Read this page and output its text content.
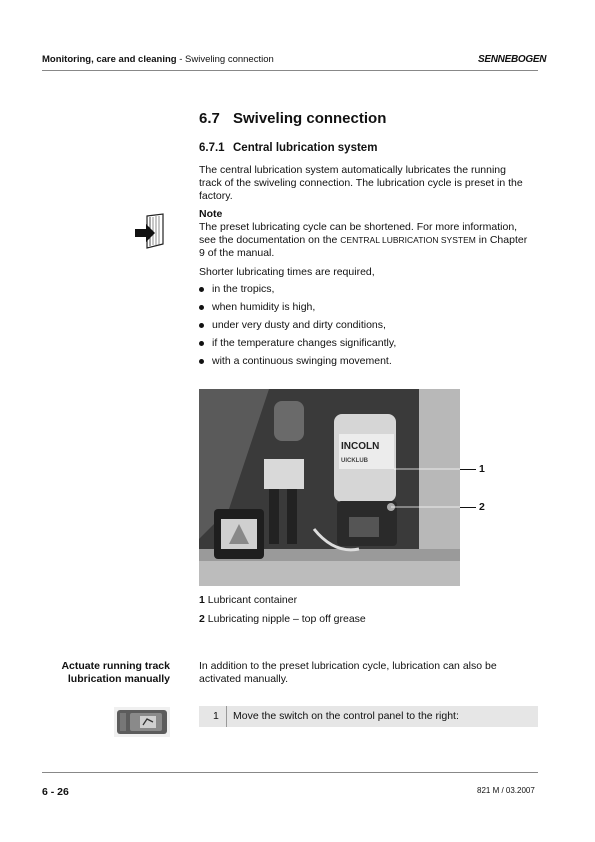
Monitoring, care and cleaning - Swiveling connection	SENNEBOGEN
6.7 Swiveling connection
6.7.1 Central lubrication system
The central lubrication system automatically lubricates the running
track of the swiveling connection. The lubrication cycle is preset in the
factory.
Note
The preset lubricating cycle can be shortened. For more information,
see the documentation on the CENTRAL LUBRICATION SYSTEM in Chapter
9 of the manual.
Shorter lubricating times are required,
in the tropics,
when humidity is high,
under very dusty and dirty conditions,
if the temperature changes significantly,
with a continuous swinging movement.
INCOLN
UICKLUB
1
2
1 Lubricant container
2 Lubricating nipple – top off grease
Actuate running track
lubrication manually
In addition to the preset lubrication cycle, lubrication can also be
activated manually.
1 Move the switch on the control panel to the right:
6 - 26	821 M / 03.2007
